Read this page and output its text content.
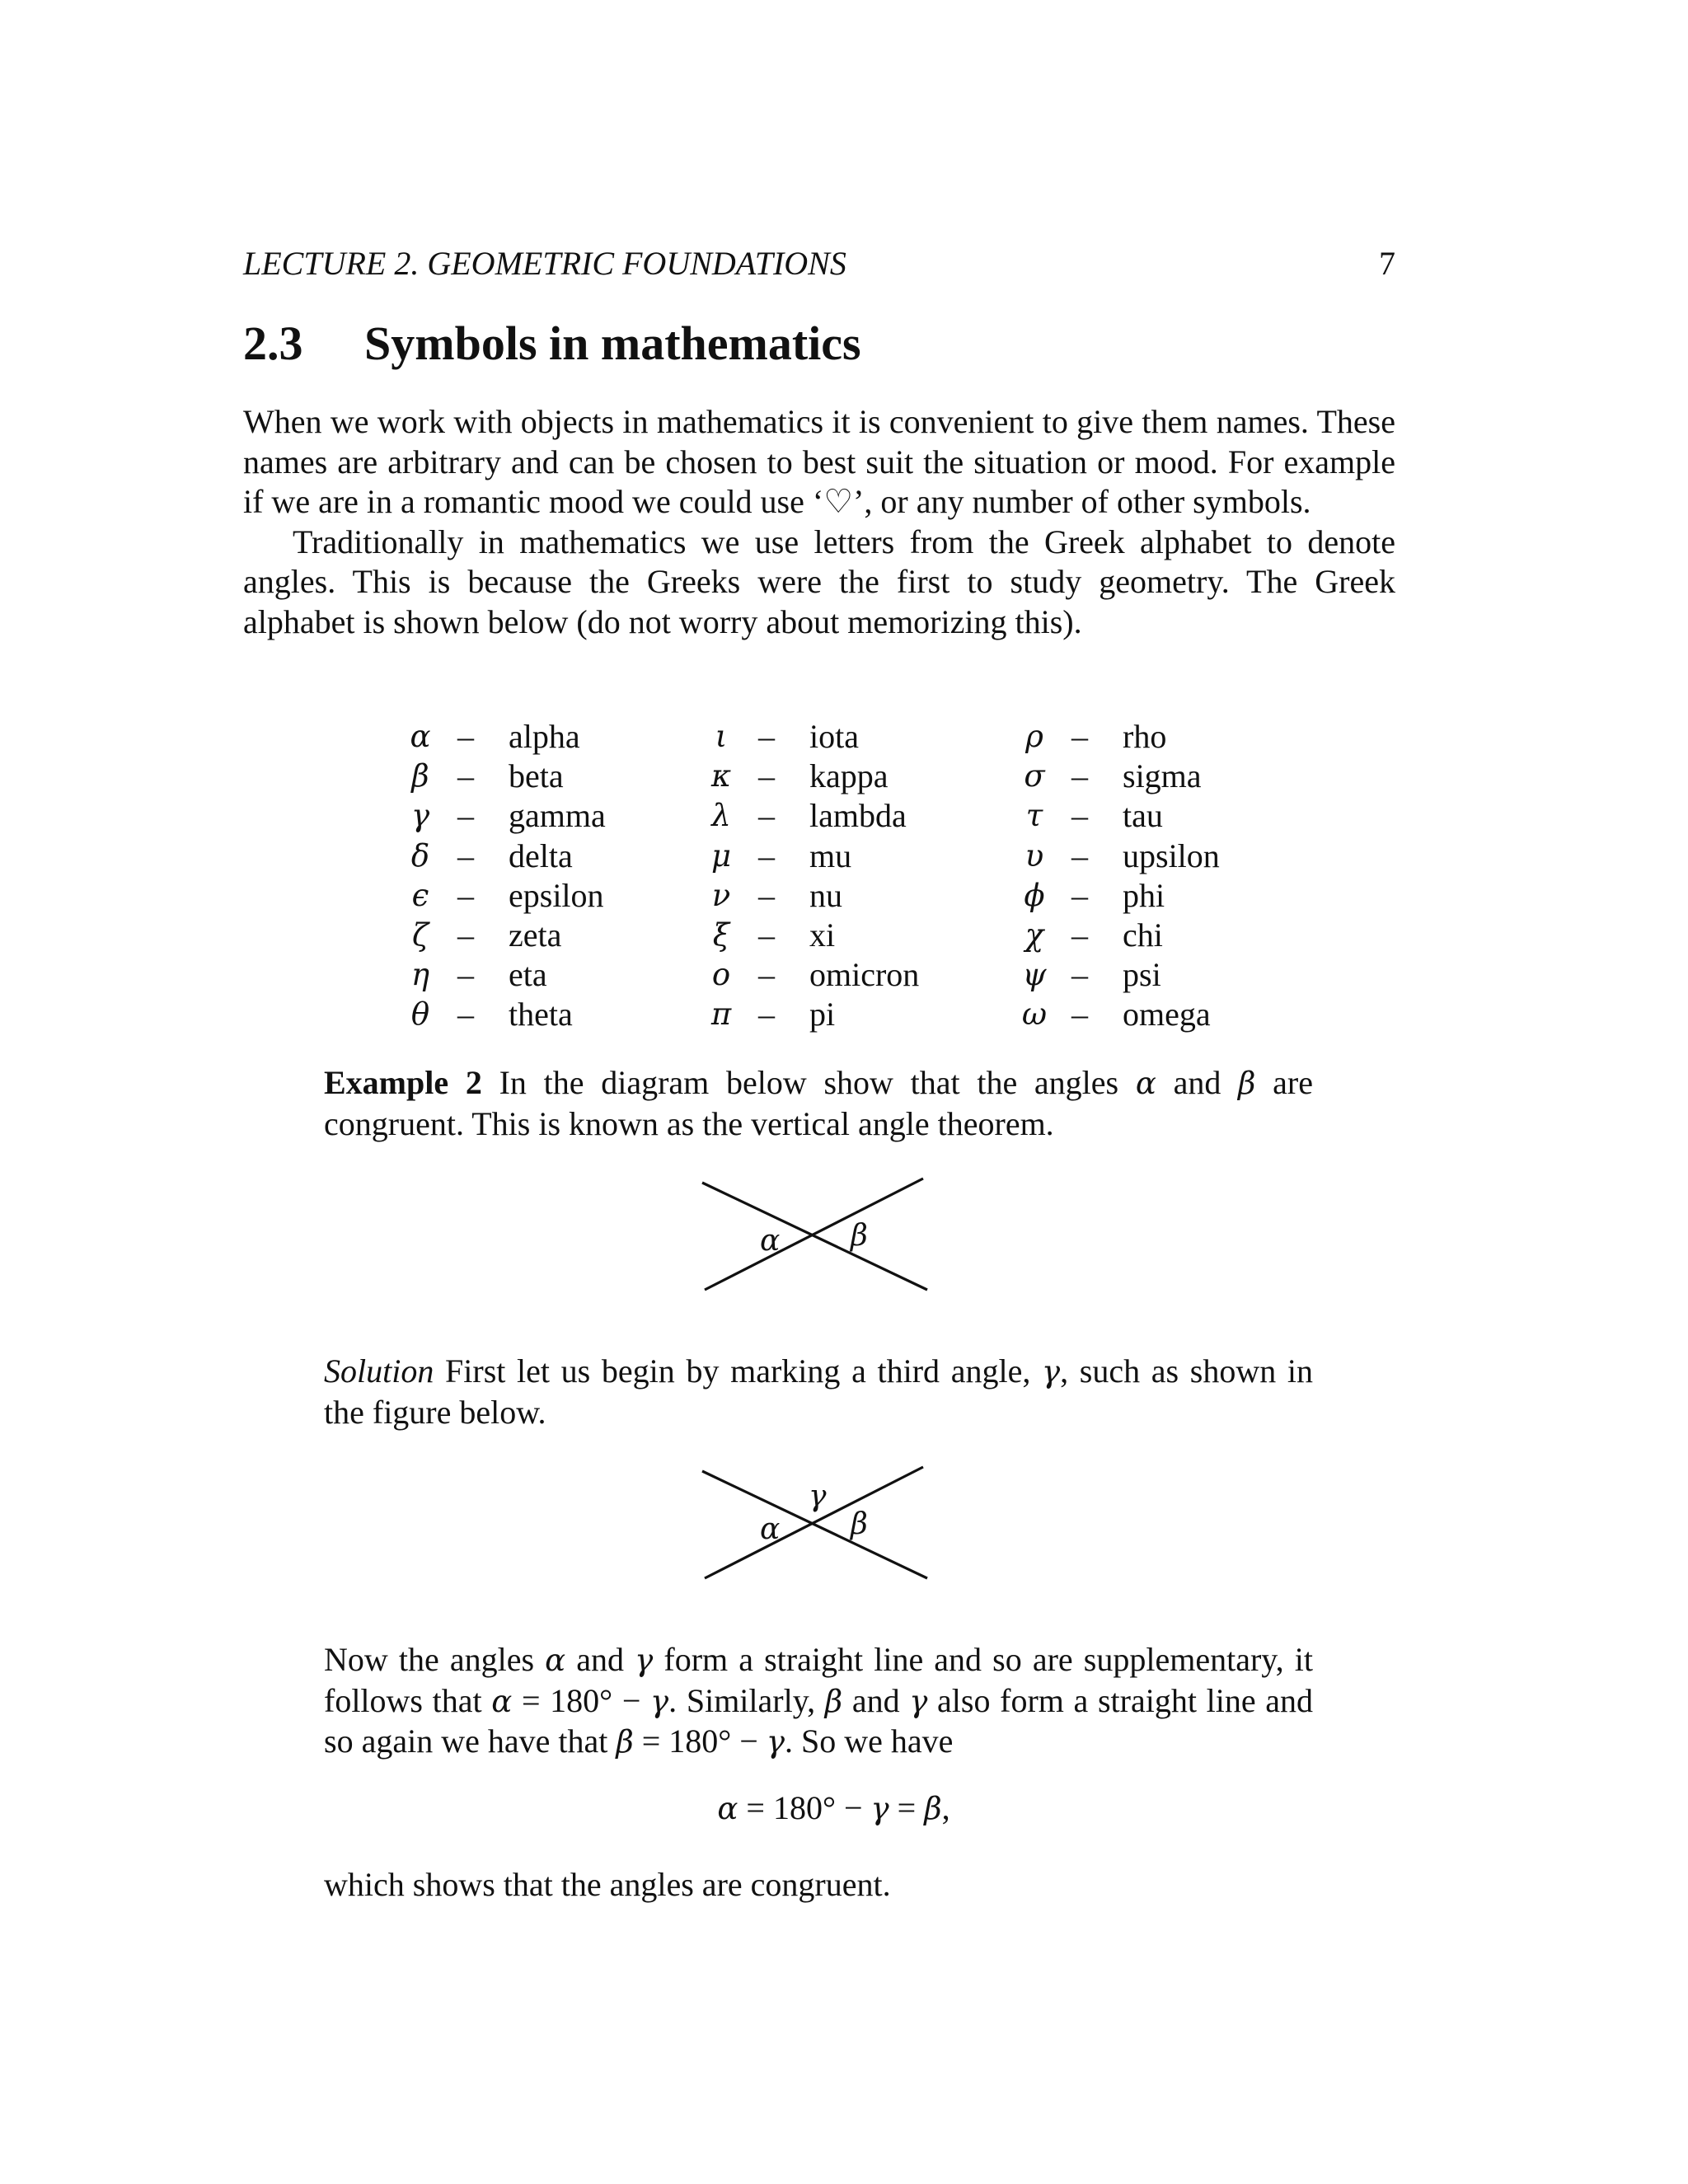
LECTURE 2. GEOMETRIC FOUNDATIONS	7
2.3 Symbols in mathematics

When we work with objects in mathematics it is convenient to give them names. These names are arbitrary and can be chosen to best suit the situation or mood. For example if we are in a romantic mood we could use ‘♡’, or any number of other symbols.

Traditionally in mathematics we use letters from the Greek alphabet to denote angles. This is because the Greeks were the first to study geometry. The Greek alphabet is shown below (do not worry about memorizing this).

α – alpha
β – beta
γ – gamma
δ – delta
ϵ – epsilon
ζ – zeta
η – eta
θ – theta
ι – iota
κ – kappa
λ – lambda
μ – mu
ν – nu
ξ – xi
ο – omicron
π – pi
ρ – rho
σ – sigma
τ – tau
υ – upsilon
ϕ – phi
χ – chi
ψ – psi
ω – omega

Example 2 In the diagram below show that the angles α and β are congruent. This is known as the vertical angle theorem.

α β

Solution First let us begin by marking a third angle, γ, such as shown in the figure below.

γ
α β

Now the angles α and γ form a straight line and so are supplementary, it follows that α = 180° − γ. Similarly, β and γ also form a straight line and so again we have that β = 180° − γ. So we have

α = 180° − γ = β,

which shows that the angles are congruent.
